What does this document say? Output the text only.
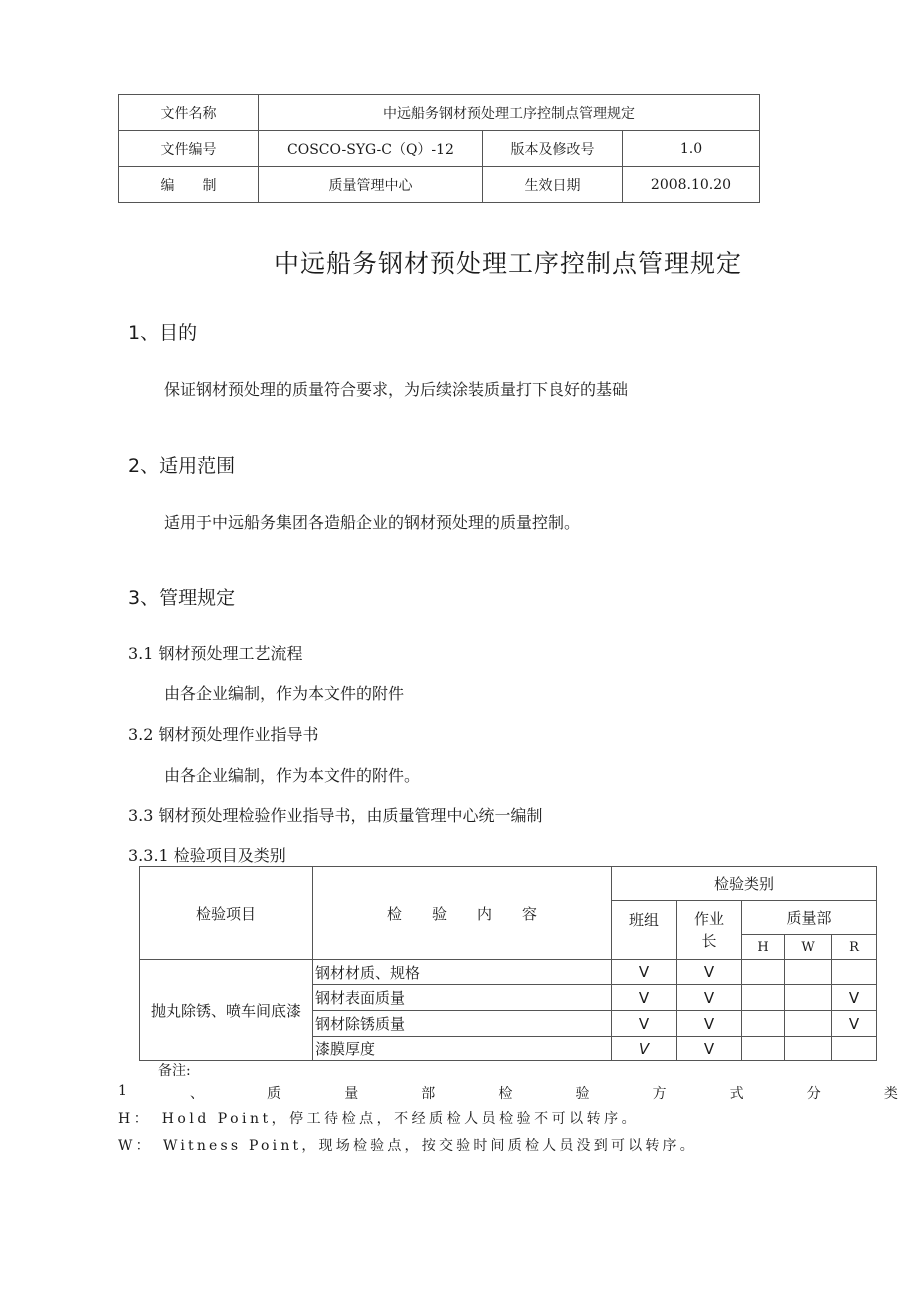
文件名称	中远船务钢材预处理工序控制点管理规定		
文件编号	COSCO-SYG-C（Q）-12	版本及修改号	1.0
编　　制	质量管理中心	生效日期	2008.10.20
中远船务钢材预处理工序控制点管理规定
1、目的
保证钢材预处理的质量符合要求，为后续涂装质量打下良好的基础
2、适用范围
适用于中远船务集团各造船企业的钢材预处理的质量控制。
3、管理规定
3.1 钢材预处理工艺流程
由各企业编制，作为本文件的附件
3.2 钢材预处理作业指导书
由各企业编制，作为本文件的附件。
3.3 钢材预处理检验作业指导书，由质量管理中心统一编制
3.3.1 检验项目及类别
检验项目	检　　验　　内　　容	检验类别				
		班组	作业长	质量部		
				H	W	R
抛丸除锈、喷车间底漆	钢材材质、规格	V	V			
	钢材表面质量	V	V			V
	钢材除锈质量	V	V			V
	漆膜厚度	V	V			
备注:
1	、	质	量	部	检	验	方	式	分	类
H：　Hold Point，停工待检点，不经质检人员检验不可以转序。
W：　Witness Point，现场检验点，按交验时间质检人员没到可以转序。
